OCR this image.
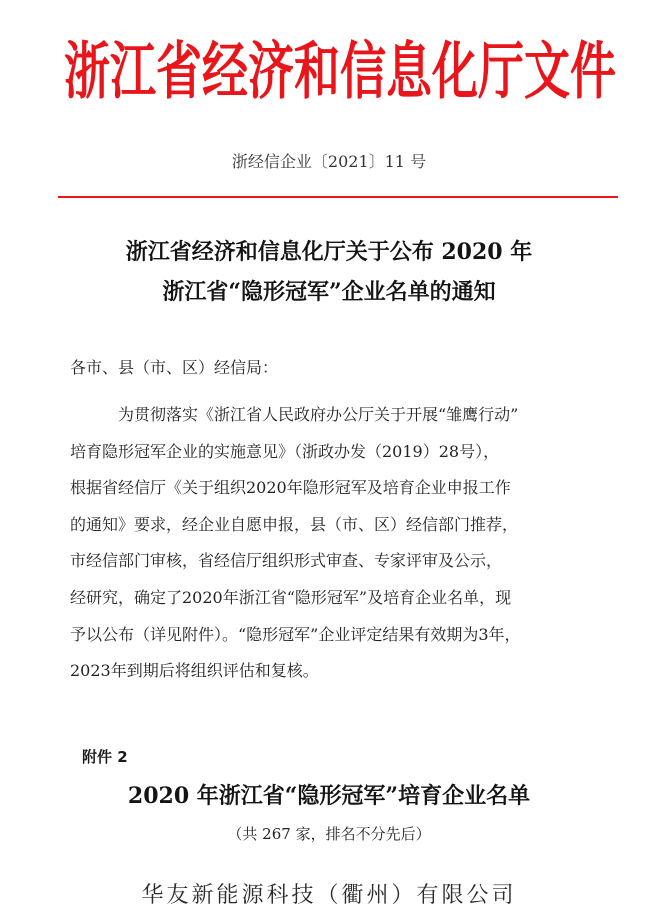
浙江省经济和信息化厅文件
浙经信企业〔2021〕11 号
浙江省经济和信息化厅关于公布 2020 年
浙江省“隐形冠军”企业名单的通知
各市、县（市、区）经信局：
为贯彻落实《浙江省人民政府办公厅关于开展“雏鹰行动”
培育隐形冠军企业的实施意见》（浙政办发（2019）28号），
根据省经信厅《关于组织2020年隐形冠军及培育企业申报工作
的通知》要求，经企业自愿申报，县（市、区）经信部门推荐，
市经信部门审核，省经信厅组织形式审查、专家评审及公示，
经研究，确定了2020年浙江省“隐形冠军”及培育企业名单，现
予以公布（详见附件）。“隐形冠军”企业评定结果有效期为3年，
2023年到期后将组织评估和复核。
附件 2
2020 年浙江省“隐形冠军”培育企业名单
（共 267 家，排名不分先后）
华友新能源科技（衢州）有限公司
